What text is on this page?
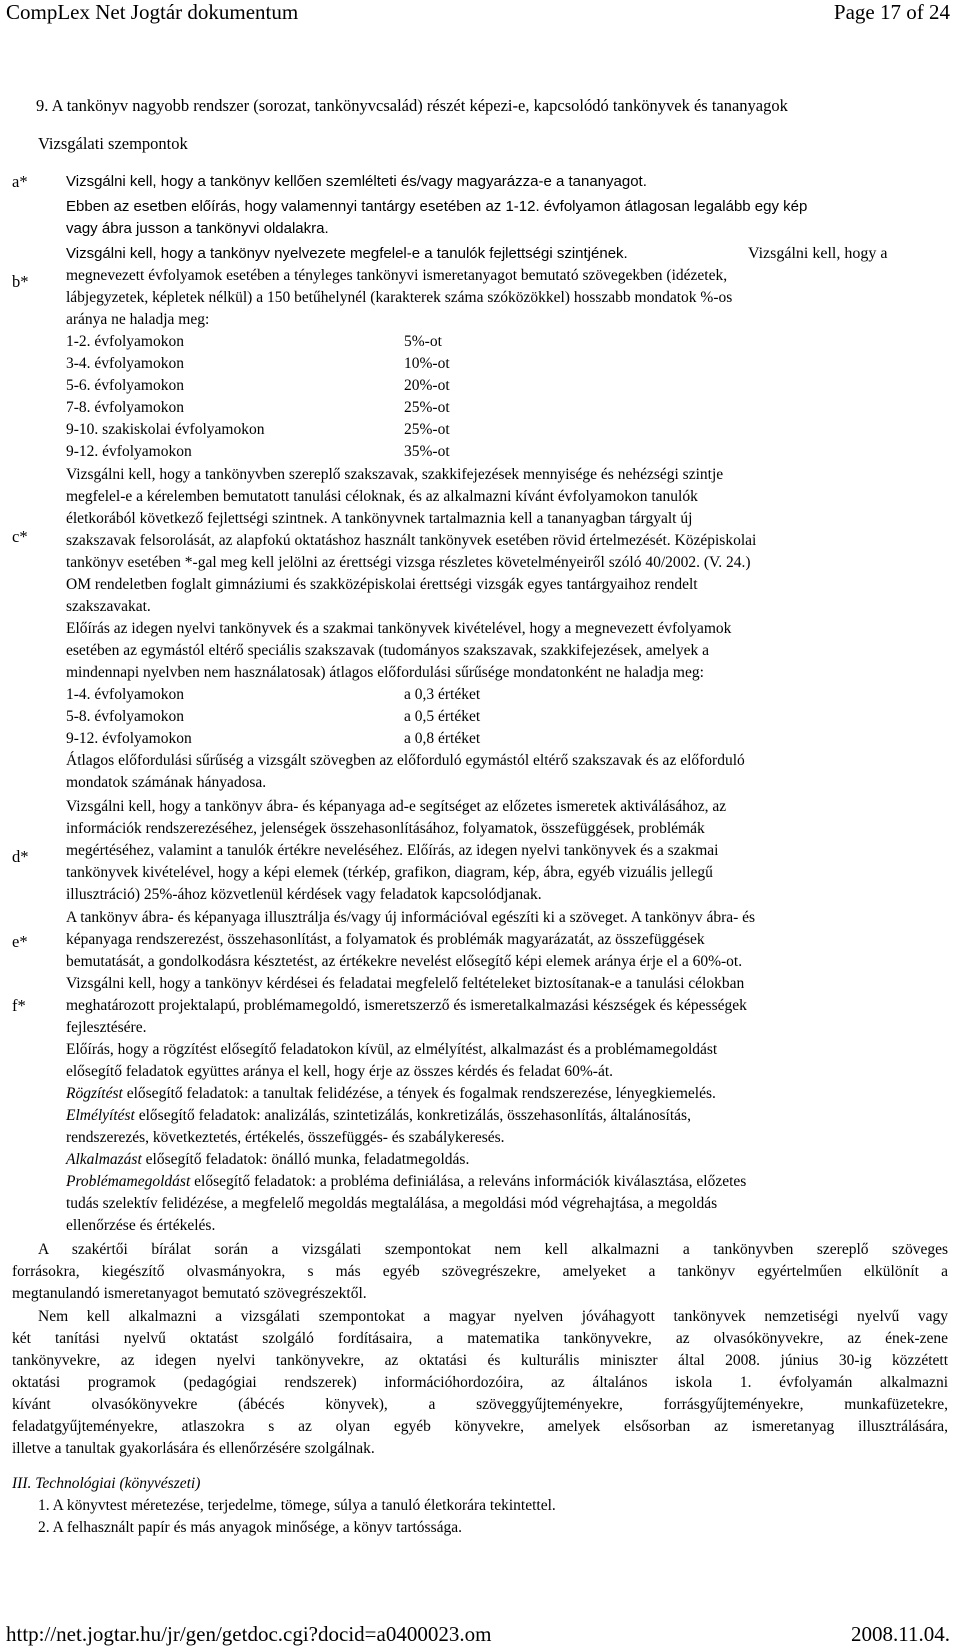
CompLex Net Jogtár dokumentum	Page 17 of 24
9. A tankönyv nagyobb rendszer (sorozat, tankönyvcsalád) részét képezi-e, kapcsolódó tankönyvek és tananyagok
Vizsgálati szempontok
a*
b*
c*
d*
e*
f*
Vizsgálni kell, hogy a tankönyv kellően szemlélteti és/vagy magyarázza-e a tananyagot.
Ebben az esetben előírás, hogy valamennyi tantárgy esetében az 1-12. évfolyamon átlagosan legalább egy kép
vagy ábra jusson a tankönyvi oldalakra.
Vizsgálni kell, hogy a tankönyv nyelvezete megfelel-e a tanulók fejlettségi szintjének.	Vizsgálni kell, hogy a
megnevezett évfolyamok esetében a tényleges tankönyvi ismeretanyagot bemutató szövegekben (idézetek,
lábjegyzetek, képletek nélkül) a 150 betűhelynél (karakterek száma szóközökkel) hosszabb mondatok %-os
aránya ne haladja meg:
1-2. évfolyamokon	5%-ot
3-4. évfolyamokon	10%-ot
5-6. évfolyamokon	20%-ot
7-8. évfolyamokon	25%-ot
9-10. szakiskolai évfolyamokon	25%-ot
9-12. évfolyamokon	35%-ot
Vizsgálni kell, hogy a tankönyvben szereplő szakszavak, szakkifejezések mennyisége és nehézségi szintje
megfelel-e a kérelemben bemutatott tanulási céloknak, és az alkalmazni kívánt évfolyamokon tanulók
életkorából következő fejlettségi szintnek. A tankönyvnek tartalmaznia kell a tananyagban tárgyalt új
szakszavak felsorolását, az alapfokú oktatáshoz használt tankönyvek esetében rövid értelmezését. Középiskolai
tankönyv esetében *-gal meg kell jelölni az érettségi vizsga részletes követelményeiről szóló 40/2002. (V. 24.)
OM rendeletben foglalt gimnáziumi és szakközépiskolai érettségi vizsgák egyes tantárgyaihoz rendelt
szakszavakat.
Előírás az idegen nyelvi tankönyvek és a szakmai tankönyvek kivételével, hogy a megnevezett évfolyamok
esetében az egymástól eltérő speciális szakszavak (tudományos szakszavak, szakkifejezések, amelyek a
mindennapi nyelvben nem használatosak) átlagos előfordulási sűrűsége mondatonként ne haladja meg:
1-4. évfolyamokon	a 0,3 értéket
5-8. évfolyamokon	a 0,5 értéket
9-12. évfolyamokon	a 0,8 értéket
Átlagos előfordulási sűrűség a vizsgált szövegben az előforduló egymástól eltérő szakszavak és az előforduló
mondatok számának hányadosa.
Vizsgálni kell, hogy a tankönyv ábra- és képanyaga ad-e segítséget az előzetes ismeretek aktiválásához, az
információk rendszerezéséhez, jelenségek összehasonlításához, folyamatok, összefüggések, problémák
megértéséhez, valamint a tanulók értékre neveléséhez. Előírás, az idegen nyelvi tankönyvek és a szakmai
tankönyvek kivételével, hogy a képi elemek (térkép, grafikon, diagram, kép, ábra, egyéb vizuális jellegű
illusztráció) 25%-ához közvetlenül kérdések vagy feladatok kapcsolódjanak.
A tankönyv ábra- és képanyaga illusztrálja és/vagy új információval egészíti ki a szöveget. A tankönyv ábra- és
képanyaga rendszerezést, összehasonlítást, a folyamatok és problémák magyarázatát, az összefüggések
bemutatását, a gondolkodásra késztetést, az értékekre nevelést elősegítő képi elemek aránya érje el a 60%-ot.
Vizsgálni kell, hogy a tankönyv kérdései és feladatai megfelelő feltételeket biztosítanak-e a tanulási célokban
meghatározott projektalapú, problémamegoldó, ismeretszerző és ismeretalkalmazási készségek és képességek
fejlesztésére.
Előírás, hogy a rögzítést elősegítő feladatokon kívül, az elmélyítést, alkalmazást és a problémamegoldást
elősegítő feladatok együttes aránya el kell, hogy érje az összes kérdés és feladat 60%-át.
Rögzítést elősegítő feladatok: a tanultak felidézése, a tények és fogalmak rendszerezése, lényegkiemelés.
Elmélyítést elősegítő feladatok: analizálás, szintetizálás, konkretizálás, összehasonlítás, általánosítás,
rendszerezés, következtetés, értékelés, összefüggés- és szabálykeresés.
Alkalmazást elősegítő feladatok: önálló munka, feladatmegoldás.
Problémamegoldást elősegítő feladatok: a probléma definiálása, a releváns információk kiválasztása, előzetes
tudás szelektív felidézése, a megfelelő megoldás megtalálása, a megoldási mód végrehajtása, a megoldás
ellenőrzése és értékelés.
A szakértői bírálat során a vizsgálati szempontokat nem kell alkalmazni a tankönyvben szereplő szöveges
forrásokra, kiegészítő olvasmányokra, s más egyéb szövegrészekre, amelyeket a tankönyv egyértelműen elkülönít a
megtanulandó ismeretanyagot bemutató szövegrészektől.
Nem kell alkalmazni a vizsgálati szempontokat a magyar nyelven jóváhagyott tankönyvek nemzetiségi nyelvű vagy
két tanítási nyelvű oktatást szolgáló fordításaira, a matematika tankönyvekre, az olvasókönyvekre, az ének-zene
tankönyvekre, az idegen nyelvi tankönyvekre, az oktatási és kulturális miniszter által 2008. június 30-ig közzétett
oktatási programok (pedagógiai rendszerek) információhordozóira, az általános iskola 1. évfolyamán alkalmazni
kívánt olvasókönyvekre (ábécés könyvek), a szöveggyűjteményekre, forrásgyűjteményekre, munkafüzetekre,
feladatgyűjteményekre, atlaszokra s az olyan egyéb könyvekre, amelyek elsősorban az ismeretanyag illusztrálására,
illetve a tanultak gyakorlására és ellenőrzésére szolgálnak.
III. Technológiai (könyvészeti)
1. A könyvtest méretezése, terjedelme, tömege, súlya a tanuló életkorára tekintettel.
2. A felhasznált papír és más anyagok minősége, a könyv tartóssága.
http://net.jogtar.hu/jr/gen/getdoc.cgi?docid=a0400023.om	2008.11.04.
